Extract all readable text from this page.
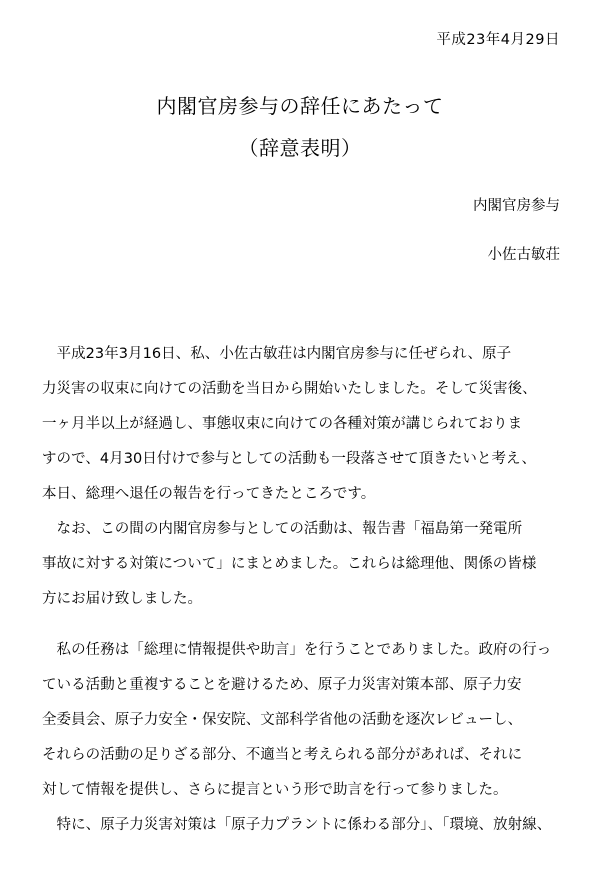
平成23年4月29日
内閣官房参与の辞任にあたって
（辞意表明）
内閣官房参与
小佐古敏荘
　平成23年3月16日、私、小佐古敏荘は内閣官房参与に任ぜられ、原子
力災害の収束に向けての活動を当日から開始いたしました。そして災害後、
一ヶ月半以上が経過し、事態収束に向けての各種対策が講じられておりま
すので、4月30日付けで参与としての活動も一段落させて頂きたいと考え、
本日、総理へ退任の報告を行ってきたところです。
　なお、この間の内閣官房参与としての活動は、報告書「福島第一発電所
事故に対する対策について」にまとめました。これらは総理他、関係の皆様
方にお届け致しました。
　私の任務は「総理に情報提供や助言」を行うことでありました。政府の行っ
ている活動と重複することを避けるため、原子力災害対策本部、原子力安
全委員会、原子力安全・保安院、文部科学省他の活動を逐次レビューし、
それらの活動の足りざる部分、不適当と考えられる部分があれば、それに
対して情報を提供し、さらに提言という形で助言を行って参りました。
　特に、原子力災害対策は「原子力プラントに係わる部分」、「環境、放射線、
